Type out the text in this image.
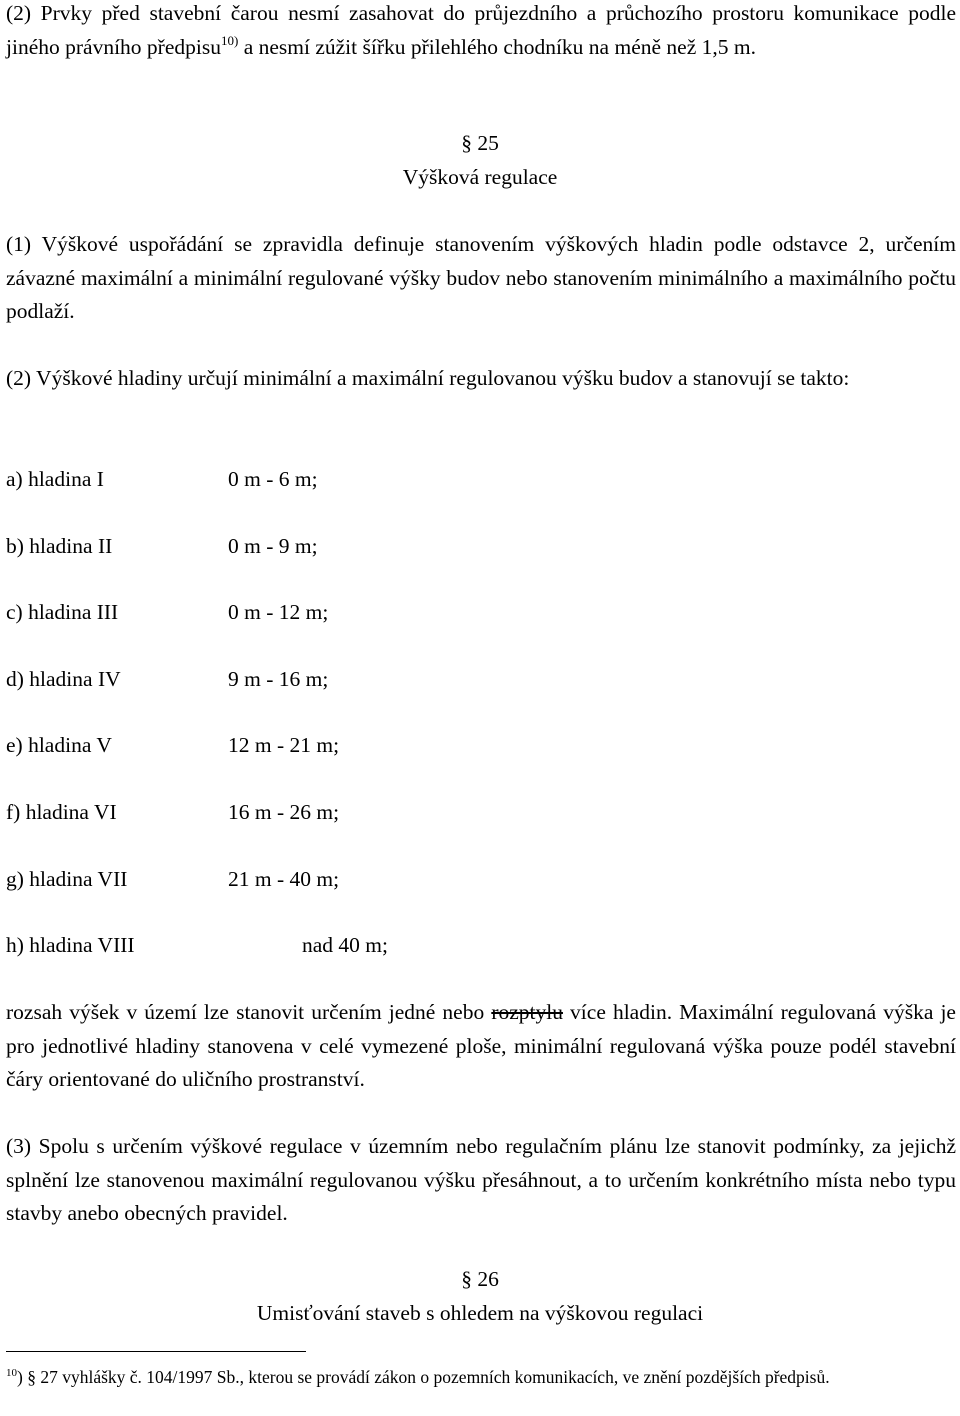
(2) Prvky před stavební čarou nesmí zasahovat do průjezdního a průchozího prostoru komunikace podle jiného právního předpisu$^{10)}$ a nesmí zúžit šířku přilehlého chodníku na méně než 1,5 m.

§ 25

Výšková regulace

(1) Výškové uspořádání se zpravidla definuje stanovením výškových hladin podle odstavce 2, určením závazné maximální a minimální regulované výšky budov nebo stanovením minimálního a maximálního počtu podlaží.

(2) Výškové hladiny určují minimální a maximální regulovanou výšku budov a stanovují se takto:

a) hladina I	0 m - 6 m;
b) hladina II	0 m - 9 m;
c) hladina III	0 m - 12 m;
d) hladina IV	9 m - 16 m;
e) hladina V	12 m - 21 m;
f) hladina VI	16 m - 26 m;
g) hladina VII	21 m - 40 m;
h) hladina VIII	nad 40 m;

rozsah výšek v území lze stanovit určením jedné nebo rozptylu více hladin. Maximální regulovaná výška je pro jednotlivé hladiny stanovena v celé vymezené ploše, minimální regulovaná výška pouze podél stavební čáry orientované do uličního prostranství.

(3) Spolu s určením výškové regulace v územním nebo regulačním plánu lze stanovit podmínky, za jejichž splnění lze stanovenou maximální regulovanou výšku přesáhnout, a to určením konkrétního místa nebo typu stavby anebo obecných pravidel.

§ 26

Umisťování staveb s ohledem na výškovou regulaci

$^{10}$) § 27 vyhlášky č. 104/1997 Sb., kterou se provádí zákon o pozemních komunikacích, ve znění pozdějších předpisů.
